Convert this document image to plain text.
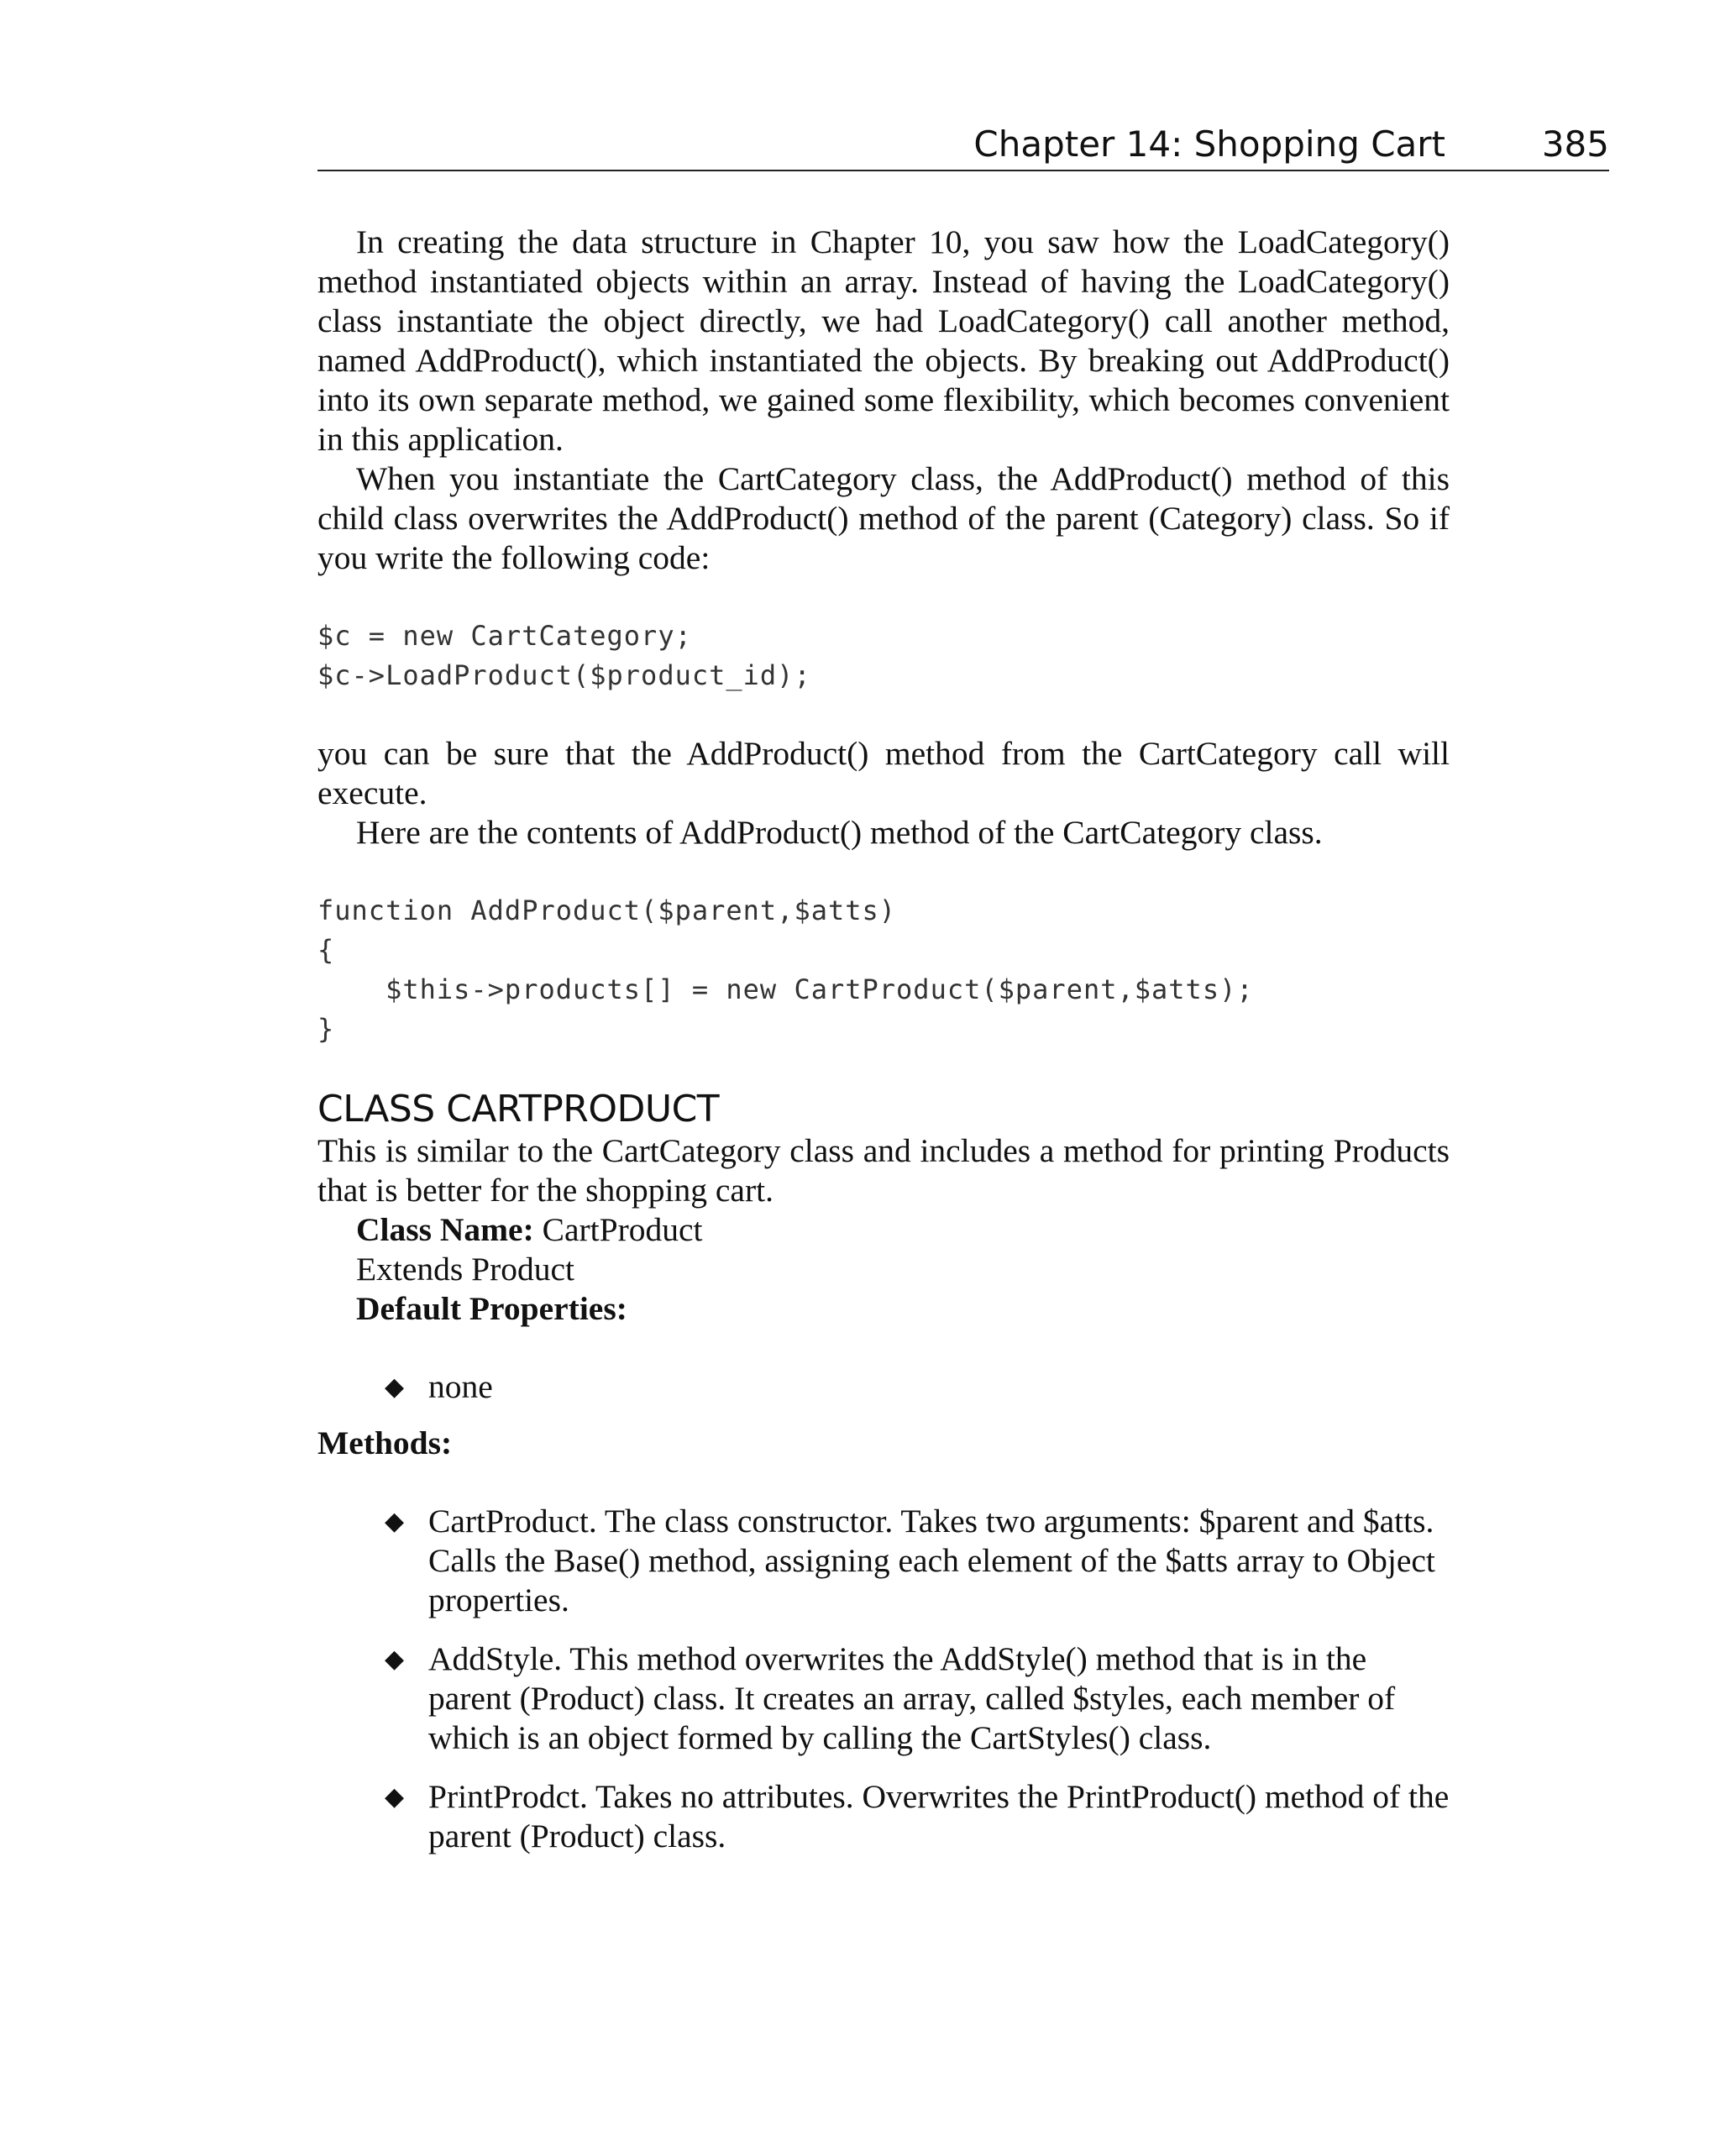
Chapter 14: Shopping Cart	385

In creating the data structure in Chapter 10, you saw how the LoadCategory() method instantiated objects within an array. Instead of having the LoadCategory() class instantiate the object directly, we had LoadCategory() call another method, named AddProduct(), which instantiated the objects. By breaking out AddProduct() into its own separate method, we gained some flexibility, which becomes convenient in this application.

When you instantiate the CartCategory class, the AddProduct() method of this child class overwrites the AddProduct() method of the parent (Category) class. So if you write the following code:

$c = new CartCategory;
$c->LoadProduct($product_id);

you can be sure that the AddProduct() method from the CartCategory call will execute.

Here are the contents of AddProduct() method of the CartCategory class.

function AddProduct($parent,$atts)
{
$this->products[] = new CartProduct($parent,$atts);
}
CLASS CARTPRODUCT

This is similar to the CartCategory class and includes a method for printing Products that is better for the shopping cart.

Class Name: CartProduct
Extends Product
Default Properties:
◆ none
Methods:
◆ CartProduct. The class constructor. Takes two arguments: $parent and $atts. Calls the Base() method, assigning each element of the $atts array to Object properties.
◆ AddStyle. This method overwrites the AddStyle() method that is in the parent (Product) class. It creates an array, called $styles, each member of which is an object formed by calling the CartStyles() class.
◆ PrintProdct. Takes no attributes. Overwrites the PrintProduct() method of the parent (Product) class.
